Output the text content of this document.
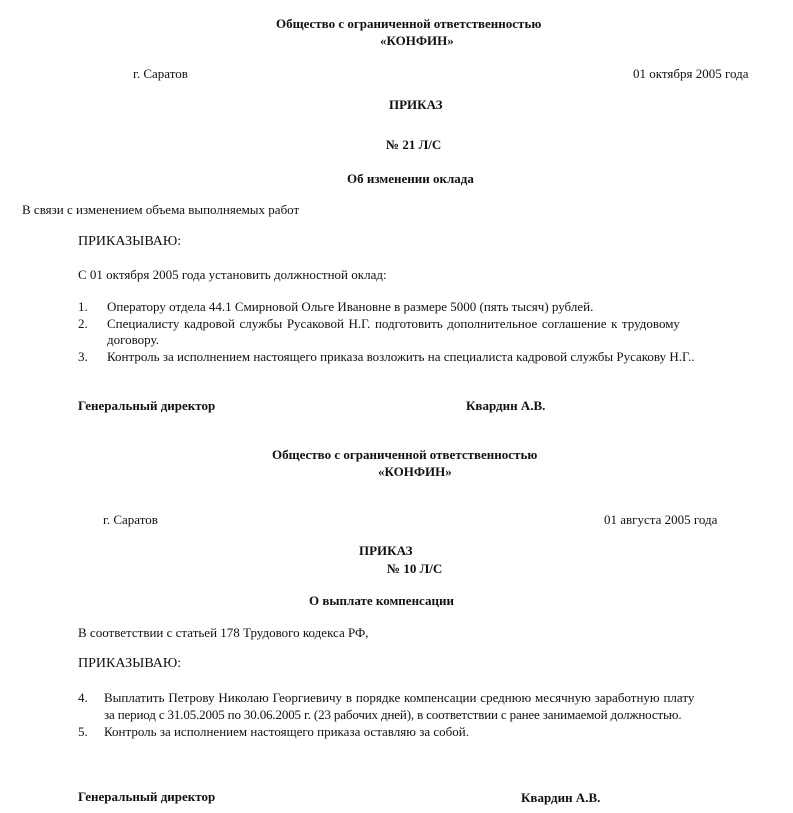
Общество с ограниченной ответственностью
«КОНФИН»
г. Саратов	01 октября 2005 года
ПРИКАЗ
№ 21 Л/С
Об изменении оклада
В связи с изменением объема выполняемых работ
ПРИКАЗЫВАЮ:
С 01 октября 2005 года установить должностной оклад:
1. Оператору отдела 44.1 Смирновой Ольге Ивановне в размере 5000 (пять тысяч) рублей.
2. Специалисту кадровой службы Русаковой Н.Г. подготовить дополнительное соглашение к трудовому
договору.
3. Контроль за исполнением настоящего приказа возложить на специалиста кадровой службы Русакову Н.Г..
Генеральный директор	Квардин А.В.
Общество с ограниченной ответственностью
«КОНФИН»
г. Саратов	01 августа 2005 года
ПРИКАЗ
№ 10 Л/С
О выплате компенсации
В соответствии с статьей 178 Трудового кодекса РФ,
ПРИКАЗЫВАЮ:
4. Выплатить Петрову Николаю Георгиевичу в порядке компенсации среднюю месячную заработную плату
за период с 31.05.2005 по 30.06.2005 г. (23 рабочих дней), в соответствии с ранее занимаемой должностью.
5. Контроль за исполнением настоящего приказа оставляю за собой.
Генеральный директор	Квардин А.В.
